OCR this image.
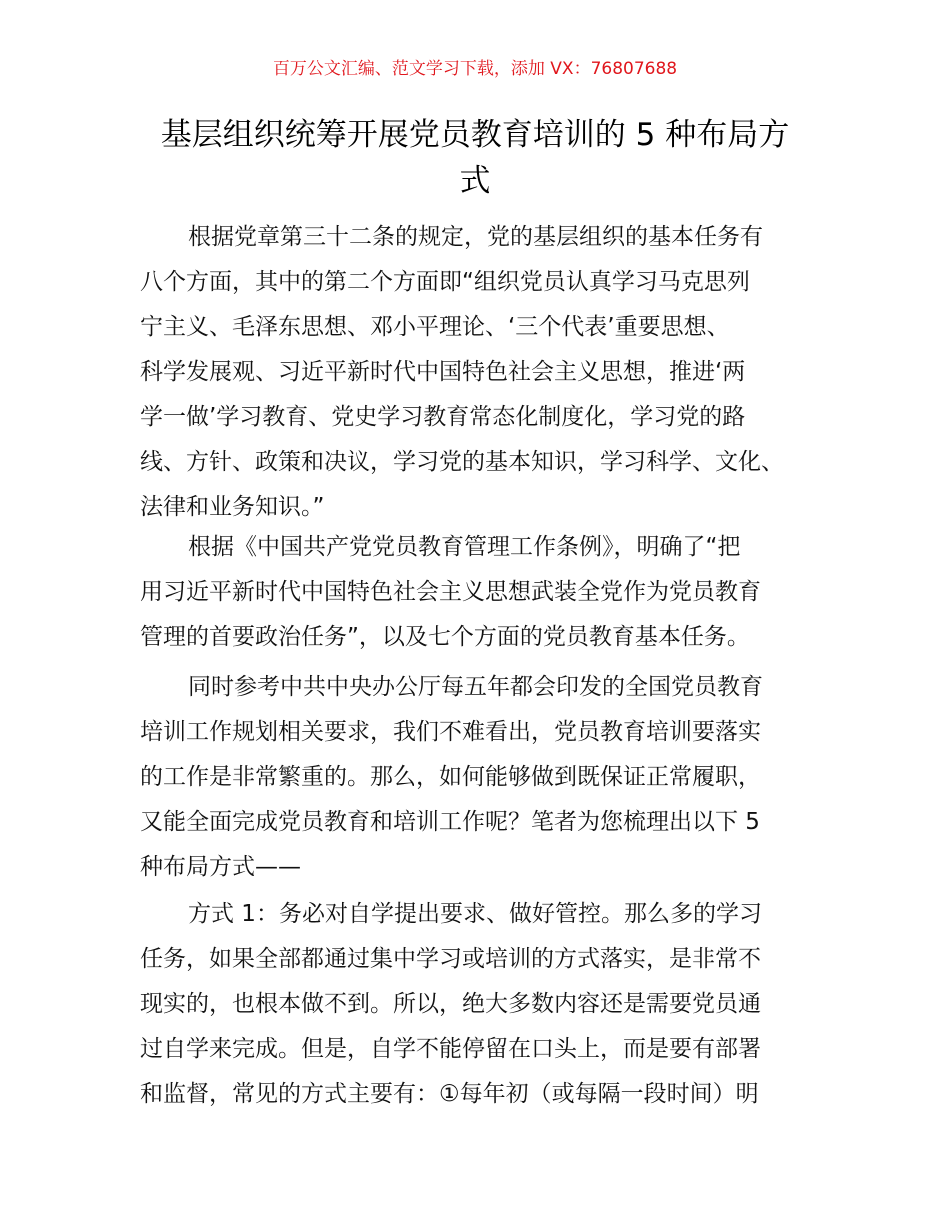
百万公文汇编、范文学习下载，添加 VX：76807688
基层组织统筹开展党员教育培训的 5 种布局方
式
根据党章第三十二条的规定，党的基层组织的基本任务有
八个方面，其中的第二个方面即“组织党员认真学习马克思列
宁主义、毛泽东思想、邓小平理论、‘三个代表’重要思想、
科学发展观、习近平新时代中国特色社会主义思想，推进‘两
学一做’学习教育、党史学习教育常态化制度化，学习党的路
线、方针、政策和决议，学习党的基本知识，学习科学、文化、
法律和业务知识。”
根据《中国共产党党员教育管理工作条例》，明确了“把
用习近平新时代中国特色社会主义思想武装全党作为党员教育
管理的首要政治任务”，以及七个方面的党员教育基本任务。
同时参考中共中央办公厅每五年都会印发的全国党员教育
培训工作规划相关要求，我们不难看出，党员教育培训要落实
的工作是非常繁重的。那么，如何能够做到既保证正常履职，
又能全面完成党员教育和培训工作呢？笔者为您梳理出以下 5
种布局方式——
方式 1：务必对自学提出要求、做好管控。那么多的学习
任务，如果全部都通过集中学习或培训的方式落实，是非常不
现实的，也根本做不到。所以，绝大多数内容还是需要党员通
过自学来完成。但是，自学不能停留在口头上，而是要有部署
和监督，常见的方式主要有：①每年初（或每隔一段时间）明
